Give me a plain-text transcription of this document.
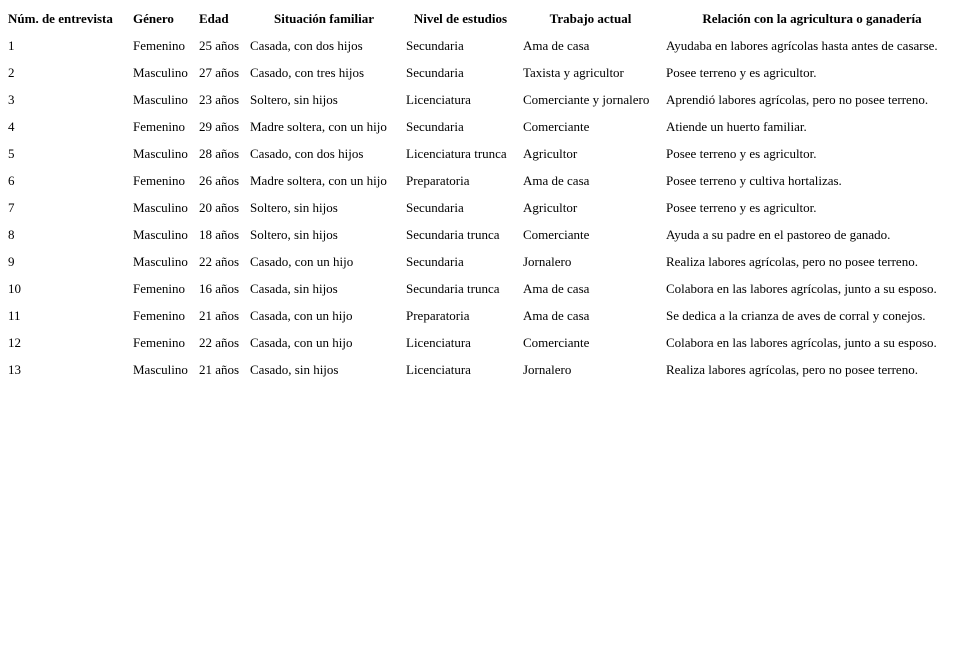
Núm. de entrevista	Género	Edad	Situación familiar	Nivel de estudios	Trabajo actual	Relación con la agricultura o ganadería
1	Femenino	25 años	Casada, con dos hijos	Secundaria	Ama de casa	Ayudaba en labores agrícolas hasta antes de casarse.
2	Masculino	27 años	Casado, con tres hijos	Secundaria	Taxista y agricultor	Posee terreno y es agricultor.
3	Masculino	23 años	Soltero, sin hijos	Licenciatura	Comerciante y jornalero	Aprendió labores agrícolas, pero no posee terreno.
4	Femenino	29 años	Madre soltera, con un hijo	Secundaria	Comerciante	Atiende un huerto familiar.
5	Masculino	28 años	Casado, con dos hijos	Licenciatura trunca	Agricultor	Posee terreno y es agricultor.
6	Femenino	26 años	Madre soltera, con un hijo	Preparatoria	Ama de casa	Posee terreno y cultiva hortalizas.
7	Masculino	20 años	Soltero, sin hijos	Secundaria	Agricultor	Posee terreno y es agricultor.
8	Masculino	18 años	Soltero, sin hijos	Secundaria trunca	Comerciante	Ayuda a su padre en el pastoreo de ganado.
9	Masculino	22 años	Casado, con un hijo	Secundaria	Jornalero	Realiza labores agrícolas, pero no posee terreno.
10	Femenino	16 años	Casada, sin hijos	Secundaria trunca	Ama de casa	Colabora en las labores agrícolas, junto a su esposo.
11	Femenino	21 años	Casada, con un hijo	Preparatoria	Ama de casa	Se dedica a la crianza de aves de corral y conejos.
12	Femenino	22 años	Casada, con un hijo	Licenciatura	Comerciante	Colabora en las labores agrícolas, junto a su esposo.
13	Masculino	21 años	Casado, sin hijos	Licenciatura	Jornalero	Realiza labores agrícolas, pero no posee terreno.
